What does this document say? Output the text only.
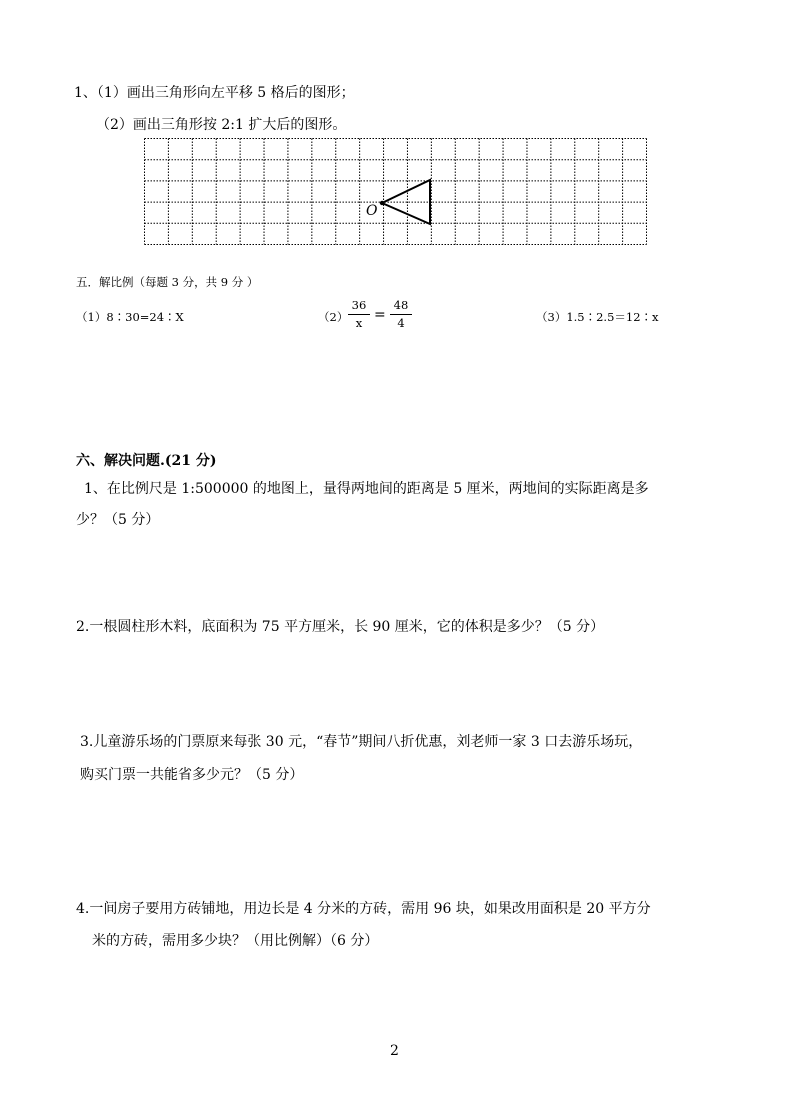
1、（1）画出三角形向左平移 5 格后的图形；
（2）画出三角形按 2:1 扩大后的图形。
O
五．解比例（每题 3 分，共 9 分 ）
（1）8∶30=24∶X	（2）
36
x =
48
4	（3）1.5∶2.5＝12∶x
六、解决问题.(21 分)
1、在比例尺是 1:500000 的地图上，量得两地间的距离是 5 厘米，两地间的实际距离是多
少？（5 分）
2.一根圆柱形木料，底面积为 75 平方厘米，长 90 厘米，它的体积是多少？（5 分）
3.儿童游乐场的门票原来每张 30 元，“春节”期间八折优惠，刘老师一家 3 口去游乐场玩，
购买门票一共能省多少元？（5 分）
4.一间房子要用方砖铺地，用边长是 4 分米的方砖，需用 96 块，如果改用面积是 20 平方分
米的方砖，需用多少块？（用比例解）（6 分）
2
